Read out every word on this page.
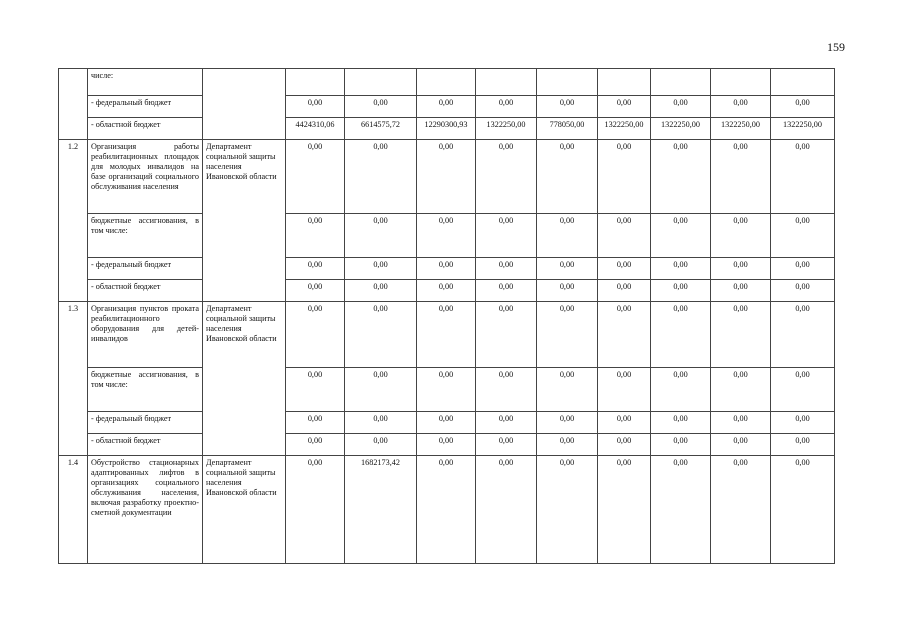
159
	числе:										
	- федеральный бюджет		0,00	0,00	0,00	0,00	0,00	0,00	0,00	0,00	0,00
	- областной бюджет		4424310,06	6614575,72	12290300,93	1322250,00	778050,00	1322250,00	1322250,00	1322250,00	1322250,00
1.2	Организация работы реабилитационных площадок для молодых инвалидов на базе организаций социального обслуживания населения	Департамент социальной защиты населения Ивановской области	0,00	0,00	0,00	0,00	0,00	0,00	0,00	0,00	0,00
	бюджетные ассигнования, в том числе:		0,00	0,00	0,00	0,00	0,00	0,00	0,00	0,00	0,00
	- федеральный бюджет		0,00	0,00	0,00	0,00	0,00	0,00	0,00	0,00	0,00
	- областной бюджет		0,00	0,00	0,00	0,00	0,00	0,00	0,00	0,00	0,00
1.3	Организация пунктов проката реабилитационного оборудования для детей-инвалидов	Департамент социальной защиты населения Ивановской области	0,00	0,00	0,00	0,00	0,00	0,00	0,00	0,00	0,00
	бюджетные ассигнования, в том числе:		0,00	0,00	0,00	0,00	0,00	0,00	0,00	0,00	0,00
	- федеральный бюджет		0,00	0,00	0,00	0,00	0,00	0,00	0,00	0,00	0,00
	- областной бюджет		0,00	0,00	0,00	0,00	0,00	0,00	0,00	0,00	0,00
1.4	Обустройство стационарных адаптированных лифтов в организациях социального обслуживания населения, включая разработку проектно-сметной документации	Департамент социальной защиты населения Ивановской области	0,00	1682173,42	0,00	0,00	0,00	0,00	0,00	0,00	0,00
